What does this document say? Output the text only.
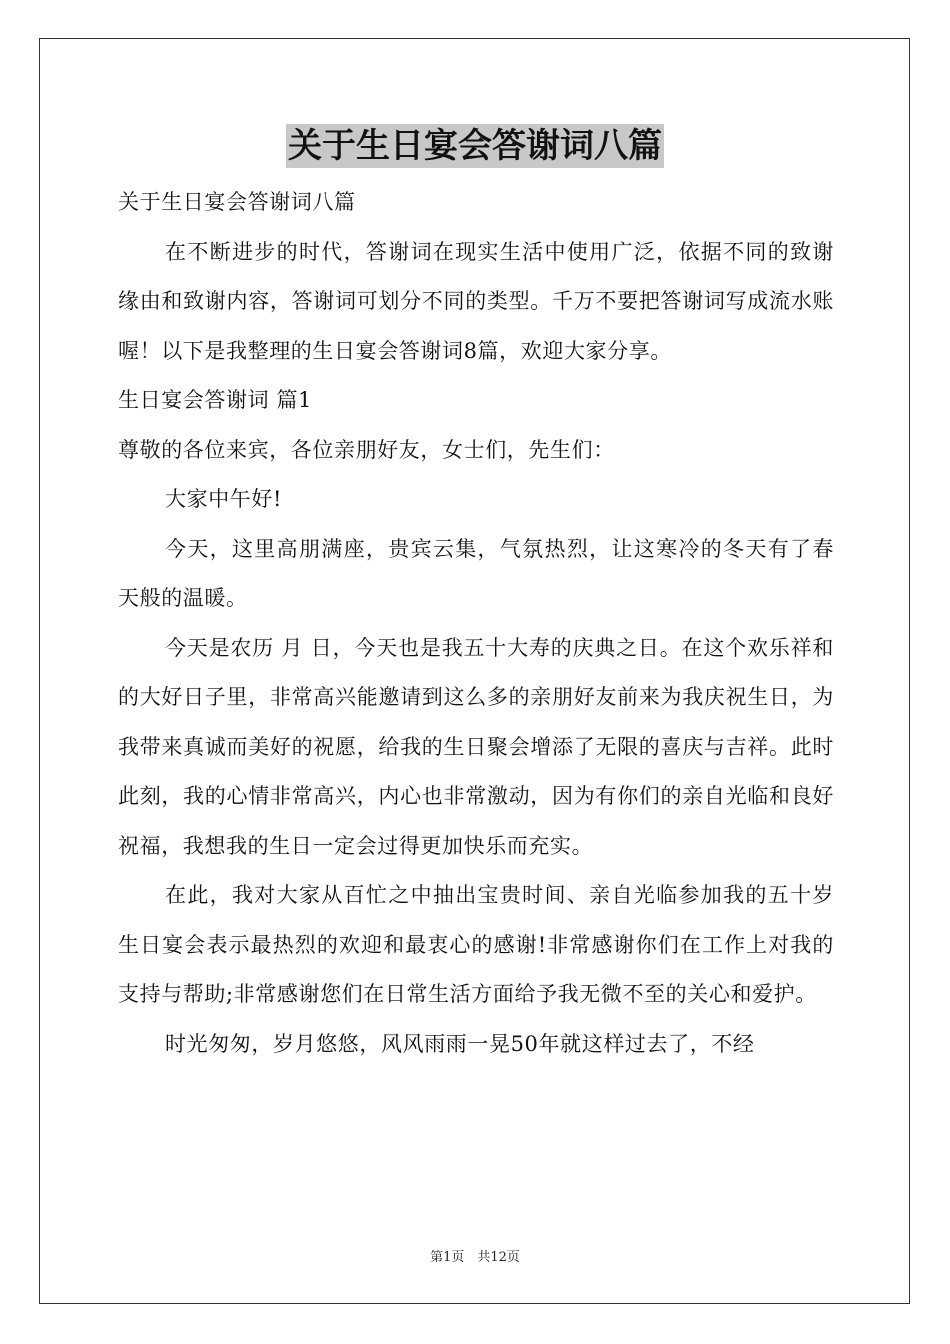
关于生日宴会答谢词八篇

关于生日宴会答谢词八篇

在不断进步的时代，答谢词在现实生活中使用广泛，依据不同的致谢缘由和致谢内容，答谢词可划分不同的类型。千万不要把答谢词写成流水账喔！以下是我整理的生日宴会答谢词8篇，欢迎大家分享。

生日宴会答谢词 篇1

尊敬的各位来宾，各位亲朋好友，女士们，先生们：

大家中午好!

今天，这里高朋满座，贵宾云集，气氛热烈，让这寒冷的冬天有了春天般的温暖。

今天是农历 月 日，今天也是我五十大寿的庆典之日。在这个欢乐祥和的大好日子里，非常高兴能邀请到这么多的亲朋好友前来为我庆祝生日，为我带来真诚而美好的祝愿，给我的生日聚会增添了无限的喜庆与吉祥。此时此刻，我的心情非常高兴，内心也非常激动，因为有你们的亲自光临和良好祝福，我想我的生日一定会过得更加快乐而充实。

在此，我对大家从百忙之中抽出宝贵时间、亲自光临参加我的五十岁生日宴会表示最热烈的欢迎和最衷心的感谢!非常感谢你们在工作上对我的支持与帮助;非常感谢您们在日常生活方面给予我无微不至的关心和爱护。

时光匆匆，岁月悠悠，风风雨雨一晃50年就这样过去了，不经

第1页　共12页
